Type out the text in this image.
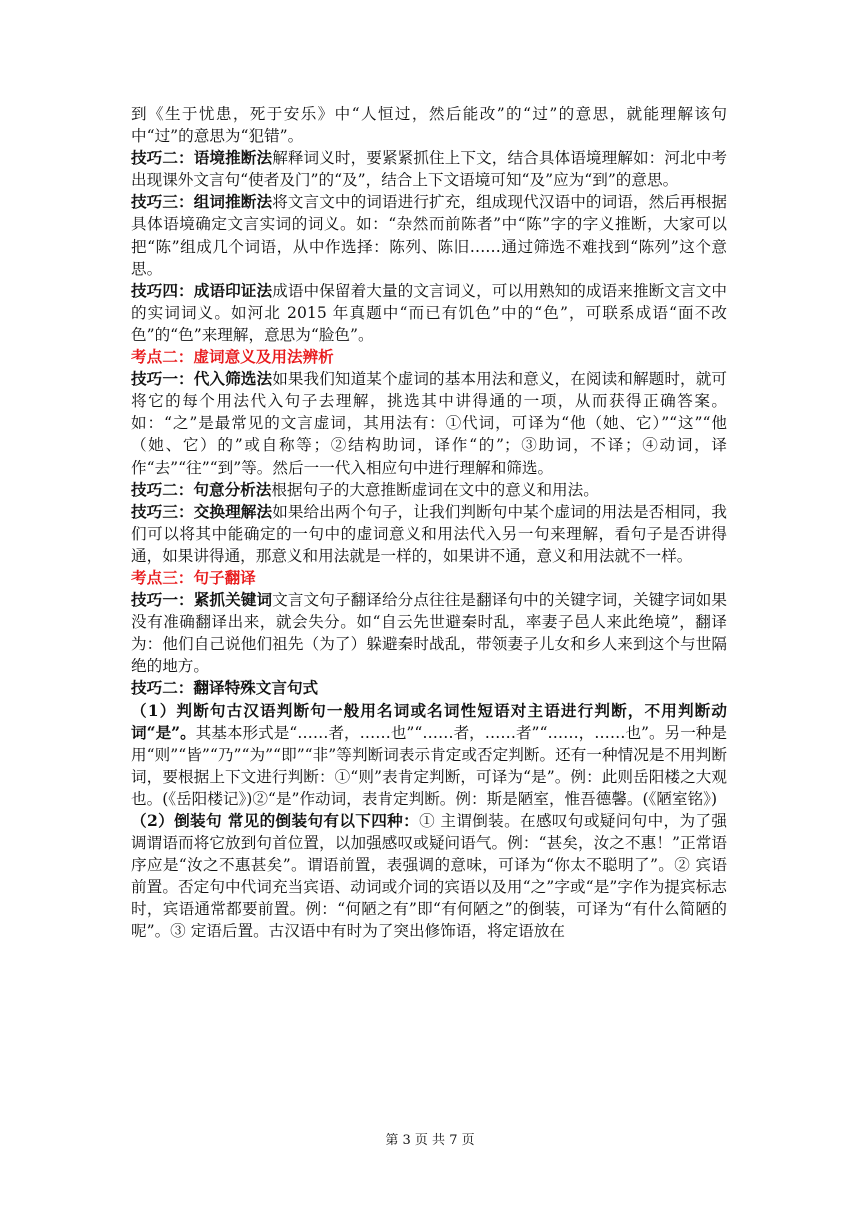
到《生于忧患，死于安乐》中“人恒过，然后能改”的“过”的意思，就能理解该句中“过”的意思为“犯错”。

技巧二：语境推断法解释词义时，要紧紧抓住上下文，结合具体语境理解如：河北中考出现课外文言句“使者及门”的“及”，结合上下文语境可知“及”应为“到”的意思。

技巧三：组词推断法将文言文中的词语进行扩充，组成现代汉语中的词语，然后再根据具体语境确定文言实词的词义。如：“杂然而前陈者”中“陈”字的字义推断，大家可以把“陈”组成几个词语，从中作选择：陈列、陈旧……通过筛选不难找到“陈列”这个意思。

技巧四：成语印证法成语中保留着大量的文言词义，可以用熟知的成语来推断文言文中的实词词义。如河北 2015 年真题中“而已有饥色”中的“色”，可联系成语“面不改色”的“色”来理解，意思为“脸色”。

考点二：虚词意义及用法辨析

技巧一：代入筛选法如果我们知道某个虚词的基本用法和意义，在阅读和解题时，就可将它的每个用法代入句子去理解，挑选其中讲得通的一项，从而获得正确答案。如：“之”是最常见的文言虚词，其用法有：①代词，可译为“他（她、它）”“这”“他（她、它）的”或自称等；②结构助词，译作“的”；③助词，不译；④动词，译作“去”“往”“到”等。然后一一代入相应句中进行理解和筛选。

技巧二：句意分析法根据句子的大意推断虚词在文中的意义和用法。

技巧三：交换理解法如果给出两个句子，让我们判断句中某个虚词的用法是否相同，我们可以将其中能确定的一句中的虚词意义和用法代入另一句来理解，看句子是否讲得通，如果讲得通，那意义和用法就是一样的，如果讲不通，意义和用法就不一样。

考点三：句子翻译

技巧一：紧抓关键词文言文句子翻译给分点往往是翻译句中的关键字词，关键字词如果没有准确翻译出来，就会失分。如“自云先世避秦时乱，率妻子邑人来此绝境”，翻译为：他们自己说他们祖先（为了）躲避秦时战乱，带领妻子儿女和乡人来到这个与世隔绝的地方。

技巧二：翻译特殊文言句式

（1）判断句古汉语判断句一般用名词或名词性短语对主语进行判断，不用判断动词“是”。其基本形式是“……者，……也”“……者，……者”“……，……也”。另一种是用“则”“皆”“乃”“为”“即”“非”等判断词表示肯定或否定判断。还有一种情况是不用判断词，要根据上下文进行判断：①“则”表肯定判断，可译为“是”。例：此则岳阳楼之大观也。(《岳阳楼记》)②“是”作动词，表肯定判断。例：斯是陋室，惟吾德馨。(《陋室铭》)

（2）倒装句 常见的倒装句有以下四种：① 主谓倒装。在感叹句或疑问句中，为了强调谓语而将它放到句首位置，以加强感叹或疑问语气。例：“甚矣，汝之不惠！”正常语序应是“汝之不惠甚矣”。谓语前置，表强调的意味，可译为“你太不聪明了”。② 宾语前置。否定句中代词充当宾语、动词或介词的宾语以及用“之”字或“是”字作为提宾标志时，宾语通常都要前置。例：“何陋之有”即“有何陋之”的倒装，可译为“有什么简陋的呢”。③ 定语后置。古汉语中有时为了突出修饰语，将定语放在

第 3 页 共 7 页
